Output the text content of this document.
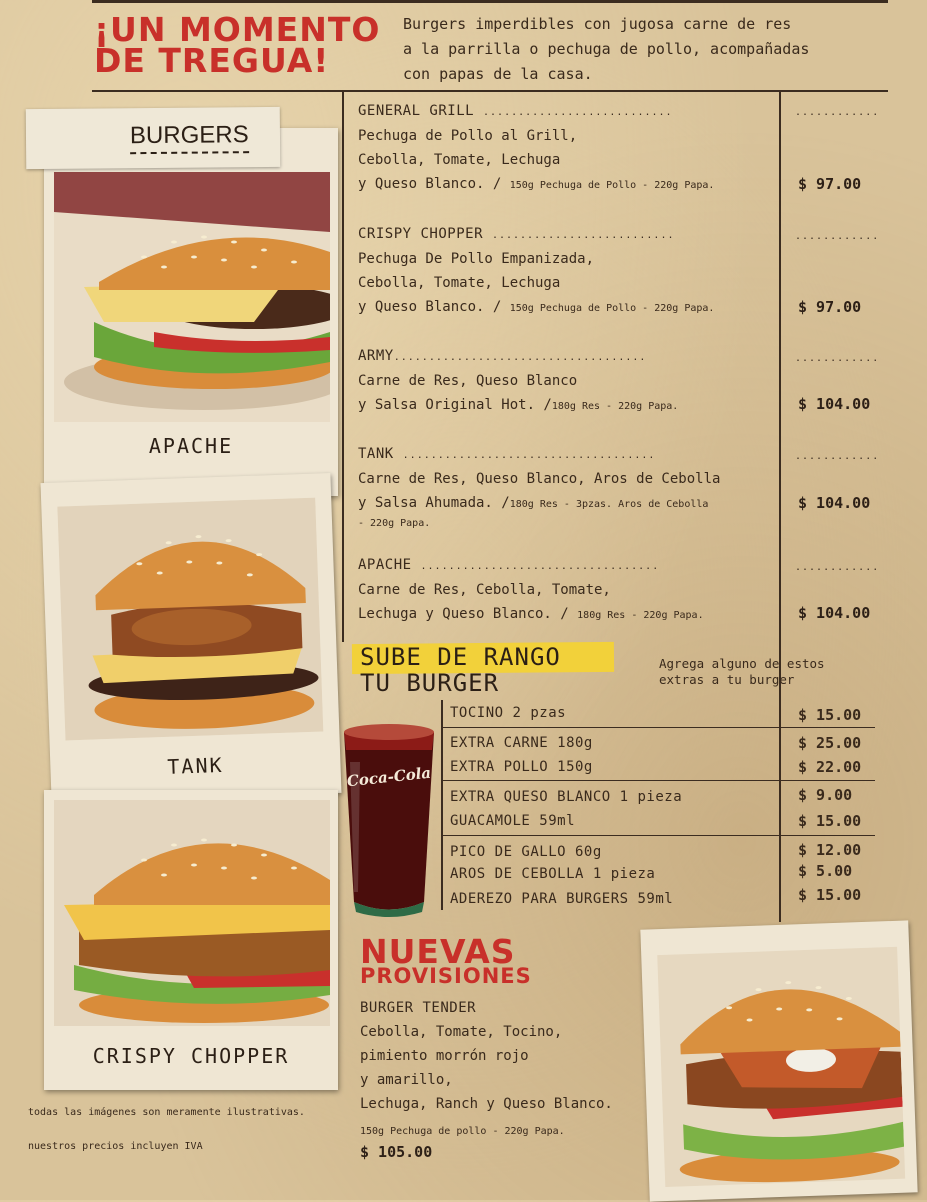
¡UN MOMENTO
DE TREGUA!
Burgers imperdibles con jugosa carne de res
a la parrilla o pechuga de pollo, acompañadas
con papas de la casa.
APACHE
BURGERS
TANK
CRISPY CHOPPER
GENERAL GRILL ...........................
Pechuga de Pollo al Grill,
Cebolla, Tomate, Lechuga
y Queso Blanco. / 150g Pechuga de Pollo - 220g Papa.
............
$ 97.00
CRISPY CHOPPER ..........................
Pechuga De Pollo Empanizada,
Cebolla, Tomate, Lechuga
y Queso Blanco. / 150g Pechuga de Pollo - 220g Papa.
............
$ 97.00
ARMY....................................
Carne de Res, Queso Blanco
y Salsa Original Hot. /180g Res - 220g Papa.
............
$ 104.00
TANK ....................................
Carne de Res, Queso Blanco, Aros de Cebolla
y Salsa Ahumada. /180g Res - 3pzas. Aros de Cebolla
- 220g Papa.
............
$ 104.00
APACHE ..................................
Carne de Res, Cebolla, Tomate,
Lechuga y Queso Blanco. / 180g Res - 220g Papa.
............
$ 104.00
SUBE DE RANGO
TU BURGER
Agrega alguno de estos
extras a tu burger
TOCINO 2 pzas	$ 15.00
EXTRA CARNE 180g	$ 25.00
EXTRA POLLO 150g	$ 22.00
EXTRA QUESO BLANCO 1 pieza	$ 9.00
GUACAMOLE 59ml	$ 15.00
PICO DE GALLO 60g	$ 12.00
AROS DE CEBOLLA 1 pieza	$ 5.00
ADEREZO PARA BURGERS 59ml	$ 15.00
Coca-Cola
NUEVAS
PROVISIONES
BURGER TENDER
Cebolla, Tomate, Tocino,
pimiento morrón rojo
y amarillo,
Lechuga, Ranch y Queso Blanco.
150g Pechuga de pollo - 220g Papa.
$ 105.00
todas las imágenes son meramente ilustrativas.
nuestros precios incluyen IVA
